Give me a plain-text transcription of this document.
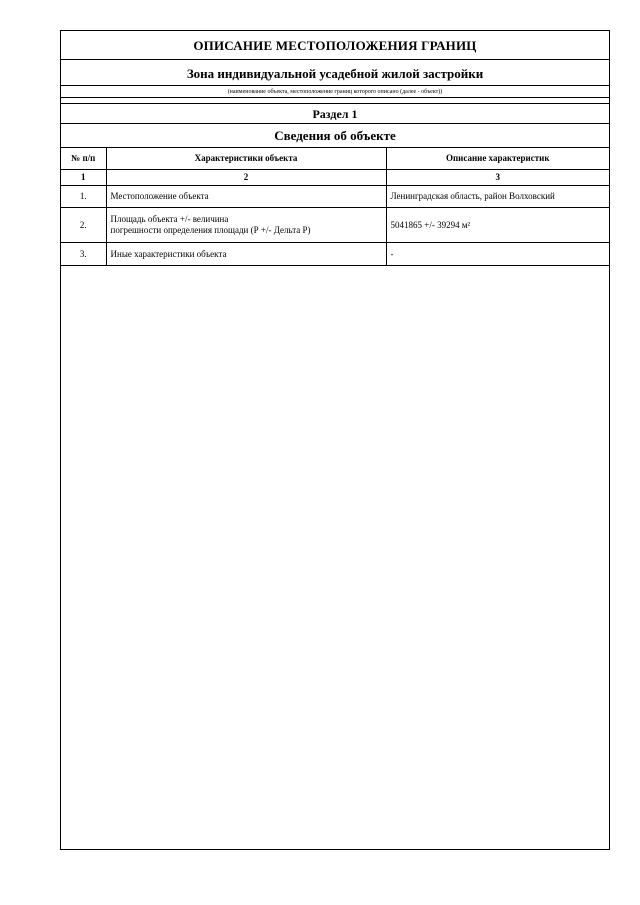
ОПИСАНИЕ МЕСТОПОЛОЖЕНИЯ ГРАНИЦ
Зона индивидуальной усадебной жилой застройки
(наименование объекта, местоположение границ которого описано (далее - объект))
Раздел 1
Сведения об объекте
№ п/п	Характеристики объекта	Описание характеристик
1	2	3
1.	Местоположение объекта	Ленинградская область, район Волховский
2.	Площадь объекта +/- величина
погрешности определения площади (Р +/- Дельта Р)	5041865 +/- 39294 м²
3.	Иные характеристики объекта	-
